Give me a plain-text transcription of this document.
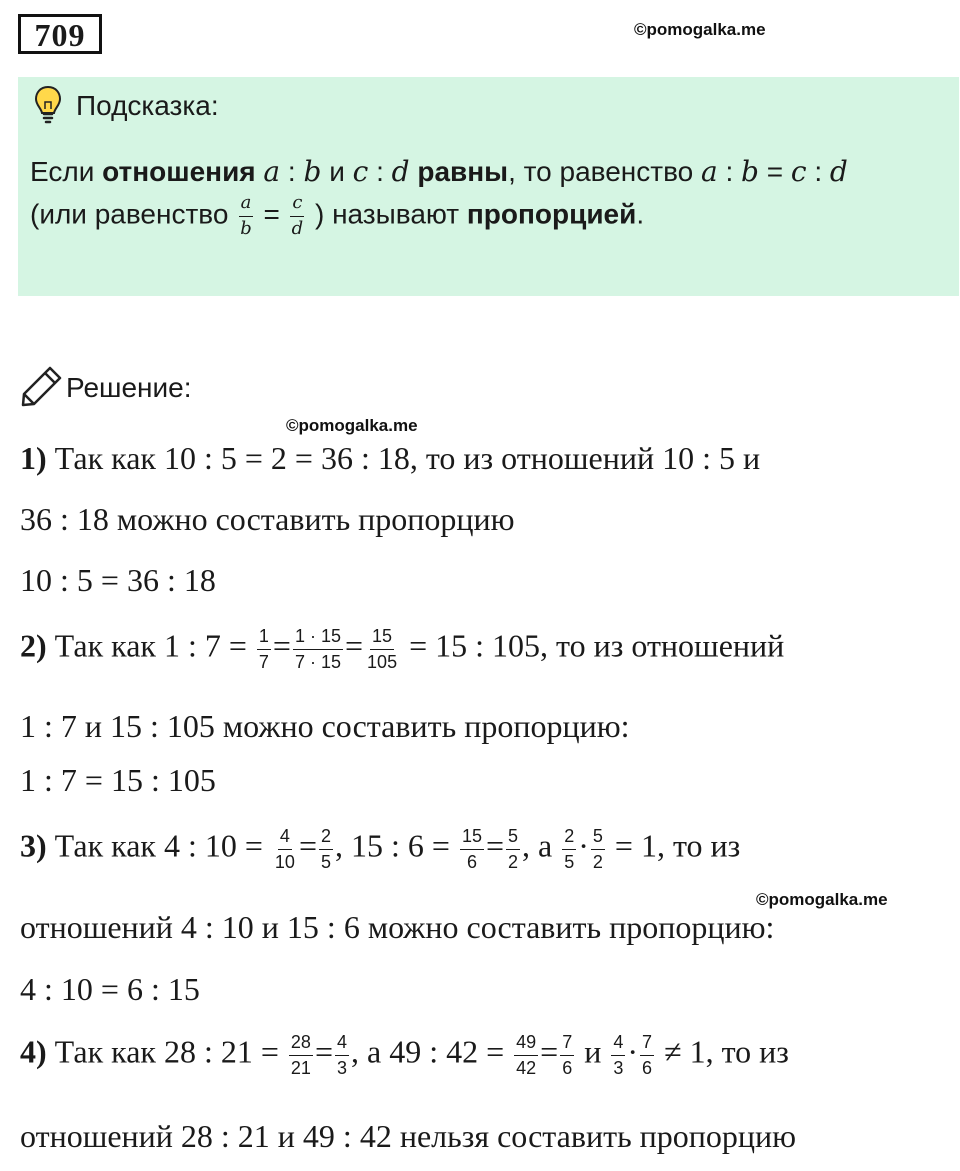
709	©pomogalka.me
Подсказка:
Если отношения a : b и c : d равны, то равенство a : b = c : d
(или равенство $\frac{a}{b} = \frac{c}{d}$ ) называют пропорцией.
Решение:
©pomogalka.me
1) Так как 10 : 5 = 2 = 36 : 18, то из отношений 10 : 5 и
36 : 18 можно составить пропорцию
10 : 5 = 36 : 18
2) Так как 1 : $7 = \frac{1}{7} = \frac{1 \cdot 15}{7 \cdot 15} = \frac{15}{105} = 15$ : 105, то из отношений
1 : 7 и 15 : 105 можно составить пропорцию:
1 : 7 = 15 : 105
3) Так как 4 : $10 = \frac{4}{10} = \frac{2}{5}$ , 15 : $6 = \frac{15}{6} = \frac{5}{2}$ , а $\frac{2}{5} \cdot \frac{5}{2} = 1$, то из
©pomogalka.me
отношений 4 : 10 и 15 : 6 можно составить пропорцию:
4 : 10 = 6 : 15
4) Так как 28 : $21 = \frac{28}{21} = \frac{4}{3}$ , а 49 : $42 = \frac{49}{42} = \frac{7}{6}$ и $\frac{4}{3} \cdot \frac{7}{6} \ne 1$, то из
отношений 28 : 21 и 49 : 42 нельзя составить пропорцию
